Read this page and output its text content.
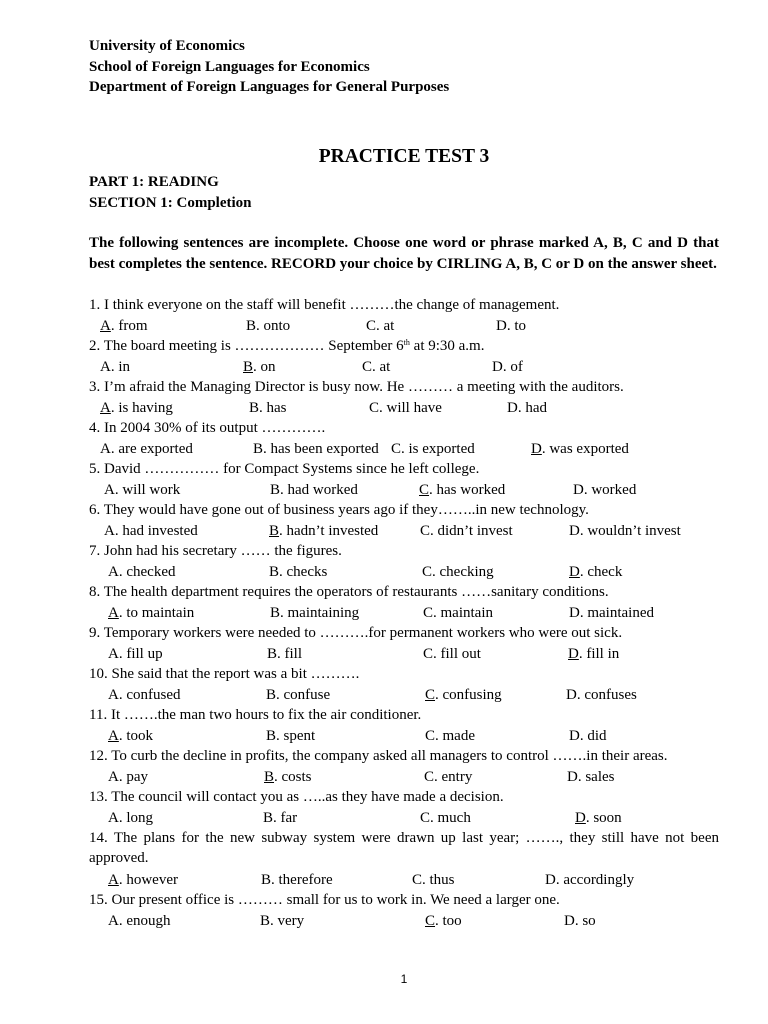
University of Economics
School of Foreign Languages for Economics
Department of Foreign Languages for General Purposes
PRACTICE TEST 3
PART 1: READING
SECTION 1: Completion
The following sentences are incomplete. Choose one word or phrase marked A, B, C and D that best completes the sentence. RECORD your choice by CIRLING A, B, C or D on the answer sheet.
1. I think everyone on the staff will benefit ………the change of management.
A. from	B. onto	C. at	D. to
2. The board meeting is ……………… September 6th at 9:30 a.m.
A. in	B. on	C. at	D. of
3. I’m afraid the Managing Director is busy now. He ……… a meeting with the auditors.
A. is having	B. has	C. will have	D. had
4. In 2004 30% of its output ………….
A. are exported	B. has been exported C. is exported	D. was exported
5. David …………… for Compact Systems since he left college.
A. will work	B. had worked	C. has worked	D. worked
6. They would have gone out of business years ago if they……..in new technology.
A. had invested	B. hadn’t invested	C. didn’t invest	D. wouldn’t invest
7. John had his secretary …… the figures.
A. checked	B. checks	C. checking	D. check
8. The health department requires the operators of restaurants ……sanitary conditions.
A. to maintain	B. maintaining	C. maintain	D. maintained
9. Temporary workers were needed to ……….for permanent workers who were out sick.
A. fill up	B. fill	C. fill out	D. fill in
10. She said that the report was a bit ……….
A. confused	B. confuse	C. confusing	D. confuses
11. It …….the man two hours to fix the air conditioner.
A. took	B. spent	C. made	D. did
12. To curb the decline in profits, the company asked all managers to control …….in their areas.
A. pay	B. costs	C. entry	D. sales
13. The council will contact you as …..as they have made a decision.
A. long	B. far	C. much	D. soon
14. The plans for the new subway system were drawn up last year; ……., they still have not been approved.
A. however	B. therefore	C. thus	D. accordingly
15. Our present office is ……… small for us to work in. We need a larger one.
A. enough	B. very	C. too	D. so
1
